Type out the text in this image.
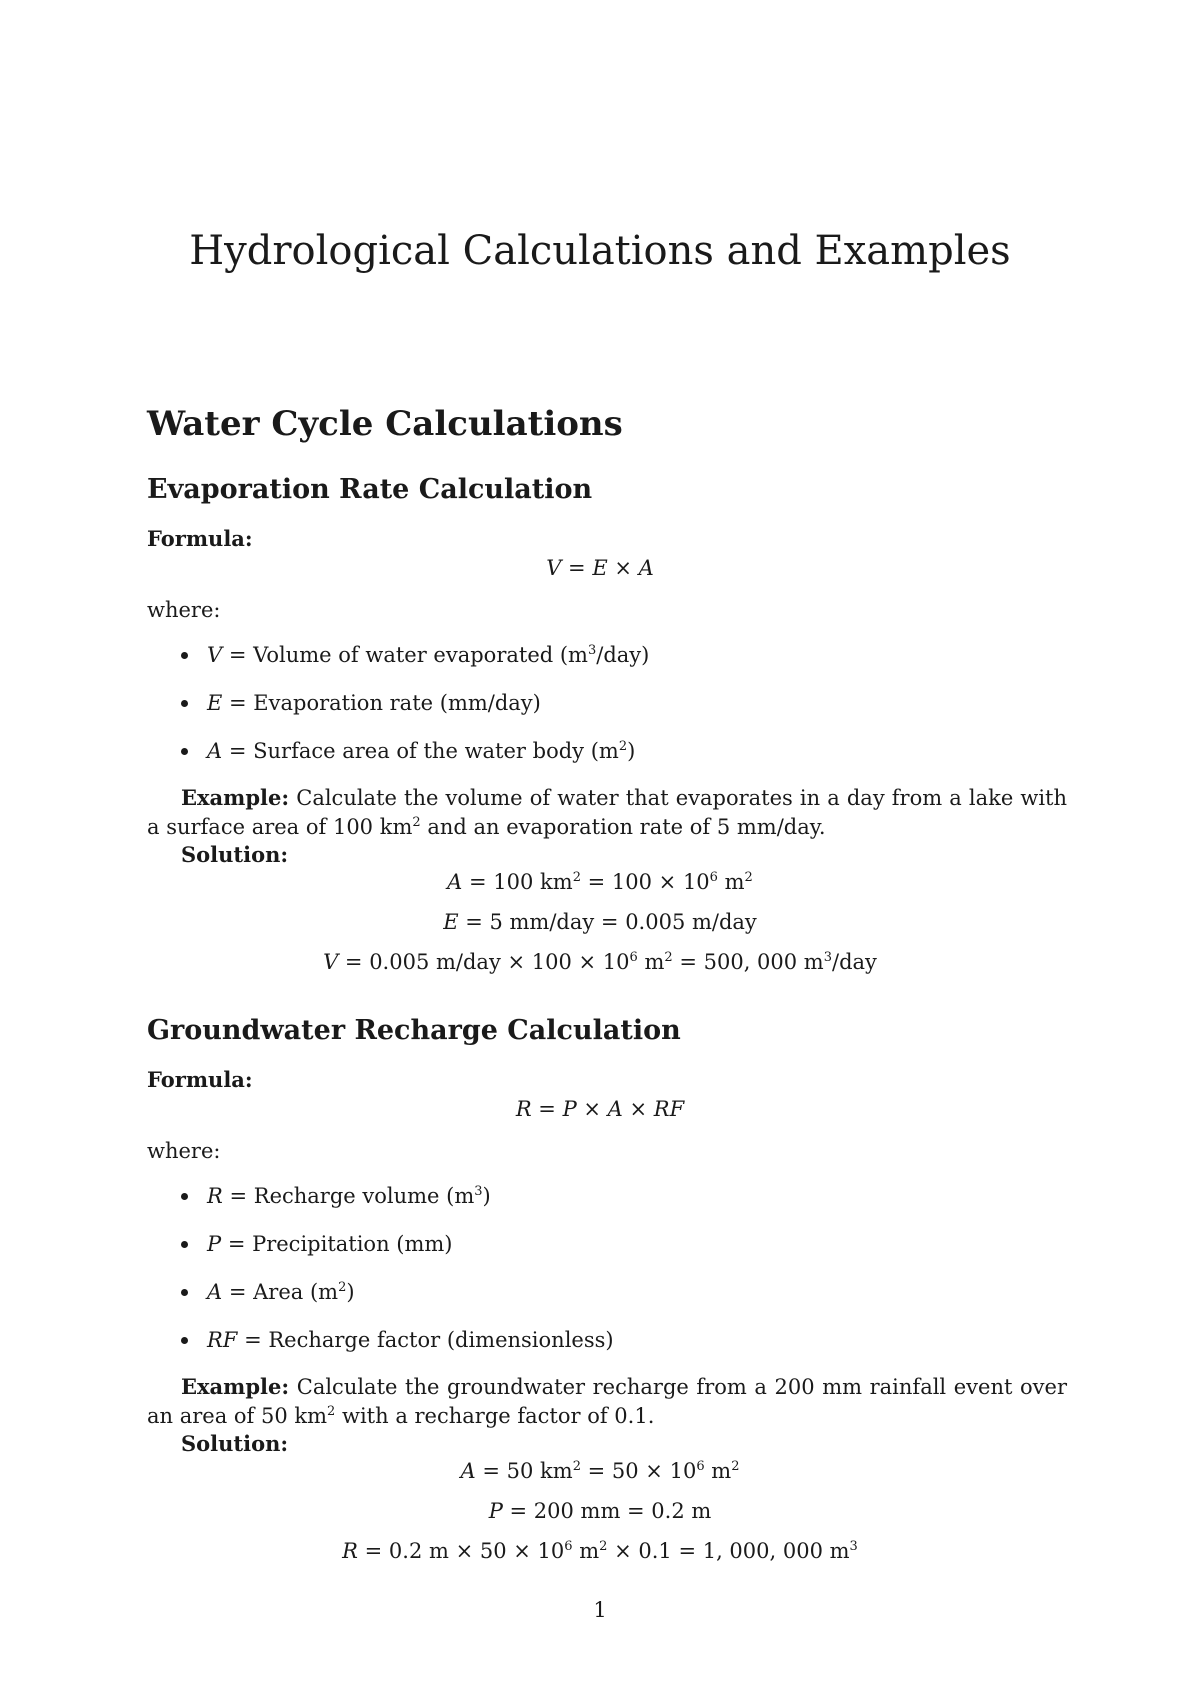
Hydrological Calculations and Examples
Water Cycle Calculations
Evaporation Rate Calculation
Formula:
V = E × A
where:
V = Volume of water evaporated $(m^3/day)$
E = Evaporation rate (mm/day)
A = Surface area of the water body $(m^2)$
Example: Calculate the volume of water that evaporates in a day from a lake with a surface area of 100 $km^2$ and an evaporation rate of 5 mm/day.
Solution:
A = 100 $km^2 = 100 \times 10^6$ $m^2$
E = 5 mm/day = 0.005 m/day
V = 0.005 $m/day \times 100 \times 10^6$ $m^2 = 500$, 000 $m^3$/day
Groundwater Recharge Calculation
Formula:
R = P × A × RF
where:
R = Recharge volume $(m^3)$
P = Precipitation (mm)
A = Area $(m^2)$
RF = Recharge factor (dimensionless)
Example: Calculate the groundwater recharge from a 200 mm rainfall event over an area of 50 $km^2$ with a recharge factor of 0.1.
Solution:
A = 50 $km^2 = 50 \times 10^6$ $m^2$
P = 200 mm = 0.2 m
R = 0.2 $m \times 50 \times 10^6$ $m^2 \times 0.1 = 1$, 000, 000 $m^3$
1
